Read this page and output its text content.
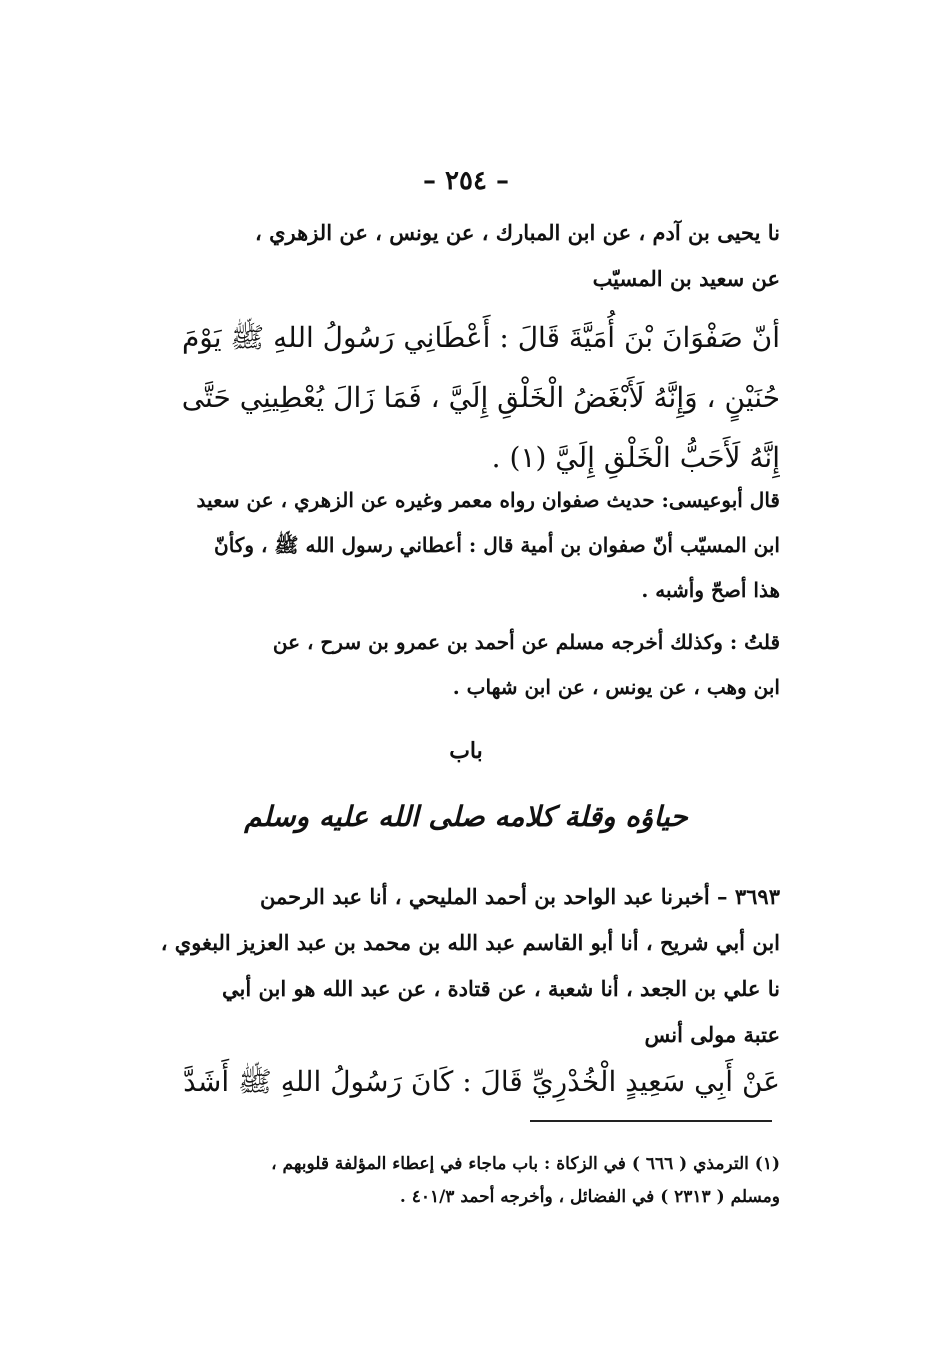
– ٢٥٤ –
نا يحيى بن آدم ، عن ابن المبارك ، عن يونس ، عن الزهري ،
عن سعيد بن المسيّب
أنّ صَفْوَانَ بْنَ أُمَيَّةَ قَالَ : أَعْطَانِي رَسُولُ اللهِ ﷺ يَوْمَ
حُنَيْنٍ ، وَإِنَّهُ لَأَبْغَضُ الْخَلْقِ إِلَيَّ ، فَمَا زَالَ يُعْطِينِي حَتَّى
إِنَّهُ لَأَحَبُّ الْخَلْقِ إِلَيَّ (١) .
قال أبوعيسى: حديث صفوان رواه معمر وغيره عن الزهري ، عن سعيد
ابن المسيّب أنّ صفوان بن أمية قال : أعطاني رسول الله ﷺ ، وكأنّ
هذا أصحّ وأشبه .
قلتُ : وكذلك أخرجه مسلم عن أحمد بن عمرو بن سرح ، عن
ابن وهب ، عن يونس ، عن ابن شهاب .
باب
حياؤه وقلة كلامه صلى الله عليه وسلم
٣٦٩٣ – أخبرنا عبد الواحد بن أحمد المليحي ، أنا عبد الرحمن
ابن أبي شريح ، أنا أبو القاسم عبد الله بن محمد بن عبد العزيز البغوي ،
نا علي بن الجعد ، أنا شعبة ، عن قتادة ، عن عبد الله هو ابن أبي
عتبة مولى أنس
عَنْ أَبِي سَعِيدٍ الْخُدْرِيِّ قَالَ : كَانَ رَسُولُ اللهِ ﷺ أَشَدَّ
(١) الترمذي ( ٦٦٦ ) في الزكاة : باب ماجاء في إعطاء المؤلفة قلوبهم ،
ومسلم ( ٢٣١٣ ) في الفضائل ، وأخرجه أحمد ٤٠١/٣ .
